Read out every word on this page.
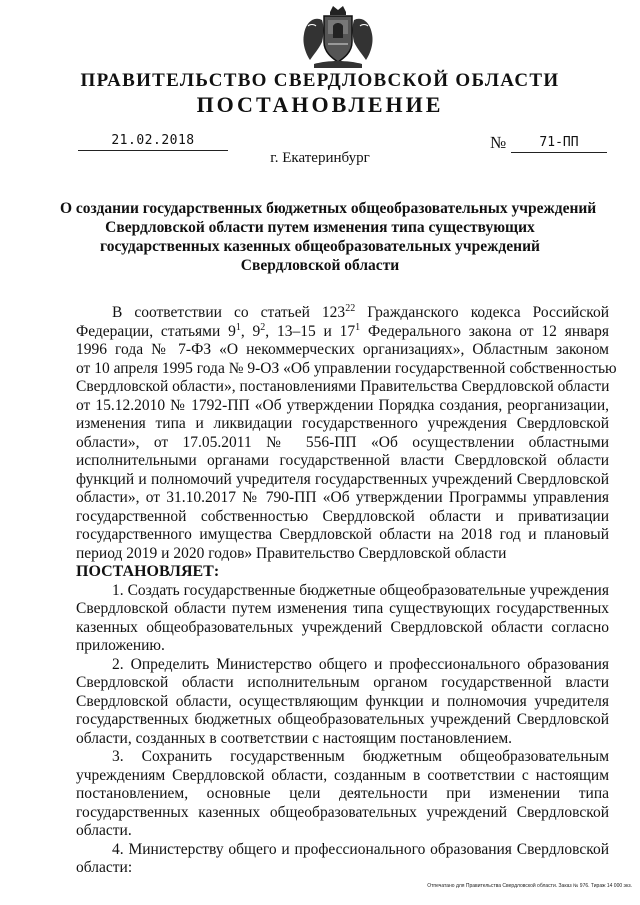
ПРАВИТЕЛЬСТВО СВЕРДЛОВСКОЙ ОБЛАСТИ
ПОСТАНОВЛЕНИЕ
21.02.2018	№	71-ПП
г. Екатеринбург
О создании государственных бюджетных общеобразовательных учреждений
Свердловской области путем изменения типа существующих
государственных казенных общеобразовательных учреждений
Свердловской области
В соответствии со статьей $123^{22}$ Гражданского кодекса Российской
Федерации, статьями $9^1$, $9^2$, 13–15 и $17^1$ Федерального закона от 12 января
1996 года № 7-ФЗ «О некоммерческих организациях», Областным законом
от 10 апреля 1995 года № 9-ОЗ «Об управлении государственной собственностью
Свердловской области», постановлениями Правительства Свердловской области
от 15.12.2010 № 1792-ПП «Об утверждении Порядка создания, реорганизации,
изменения типа и ликвидации государственного учреждения Свердловской
области», от 17.05.2011 № 556-ПП «Об осуществлении областными
исполнительными органами государственной власти Свердловской области
функций и полномочий учредителя государственных учреждений Свердловской
области», от 31.10.2017 № 790-ПП «Об утверждении Программы управления
государственной собственностью Свердловской области и приватизации
государственного имущества Свердловской области на 2018 год и плановый
период 2019 и 2020 годов» Правительство Свердловской области
ПОСТАНОВЛЯЕТ:
1. Создать государственные бюджетные общеобразовательные учреждения
Свердловской области путем изменения типа существующих государственных
казенных общеобразовательных учреждений Свердловской области согласно
приложению.
2. Определить Министерство общего и профессионального образования
Свердловской области исполнительным органом государственной власти
Свердловской области, осуществляющим функции и полномочия учредителя
государственных бюджетных общеобразовательных учреждений Свердловской
области, созданных в соответствии с настоящим постановлением.
3. Сохранить государственным бюджетным общеобразовательным
учреждениям Свердловской области, созданным в соответствии с настоящим
постановлением, основные цели деятельности при изменении типа
государственных казенных общеобразовательных учреждений Свердловской
области.
4. Министерству общего и профессионального образования Свердловской
области:
Отпечатано для Правительства Свердловской области. Заказ № 976. Тираж 14 000 экз.
